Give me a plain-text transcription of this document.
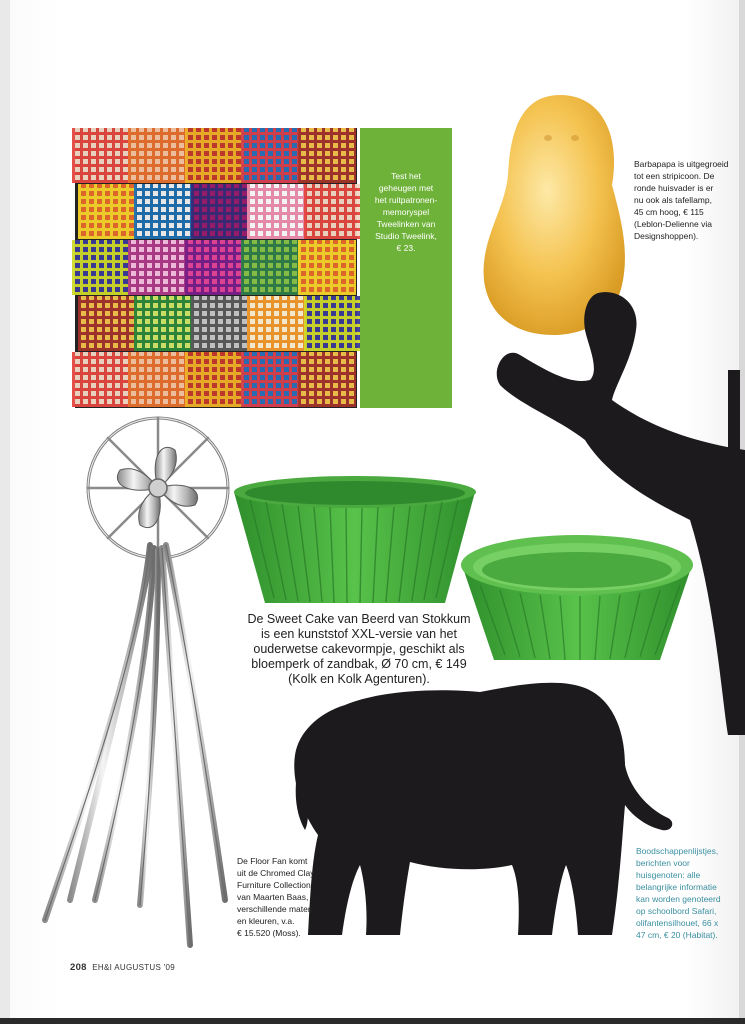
Test het
geheugen met
het ruitpatronen-
memoryspel
Tweelinken van
Studio Tweelink,
€ 23.
Barbapapa is uitgegroeid
tot een stripicoon. De
ronde huisvader is er
nu ook als tafellamp,
45 cm hoog, € 115
(Leblon-Delienne via
Designshoppen).
De Sweet Cake van Beerd van Stokkum
is een kunststof XXL-versie van het
ouderwetse cakevormpje, geschikt als
bloemperk of zandbak, Ø 70 cm, € 149
(Kolk en Kolk Agenturen).
De Floor Fan komt
uit de Chromed Clay
Furniture Collection
van Maarten Baas, in
verschillende maten
en kleuren, v.a.
€ 15.520 (Moss).
Boodschappenlijstjes,
berichten voor
huisgenoten: alle
belangrijke informatie
kan worden genoteerd
op schoolbord Safari,
olifantensilhouet, 66 x
47 cm, € 20 (Habitat).
208 EH&I AUGUSTUS '09
